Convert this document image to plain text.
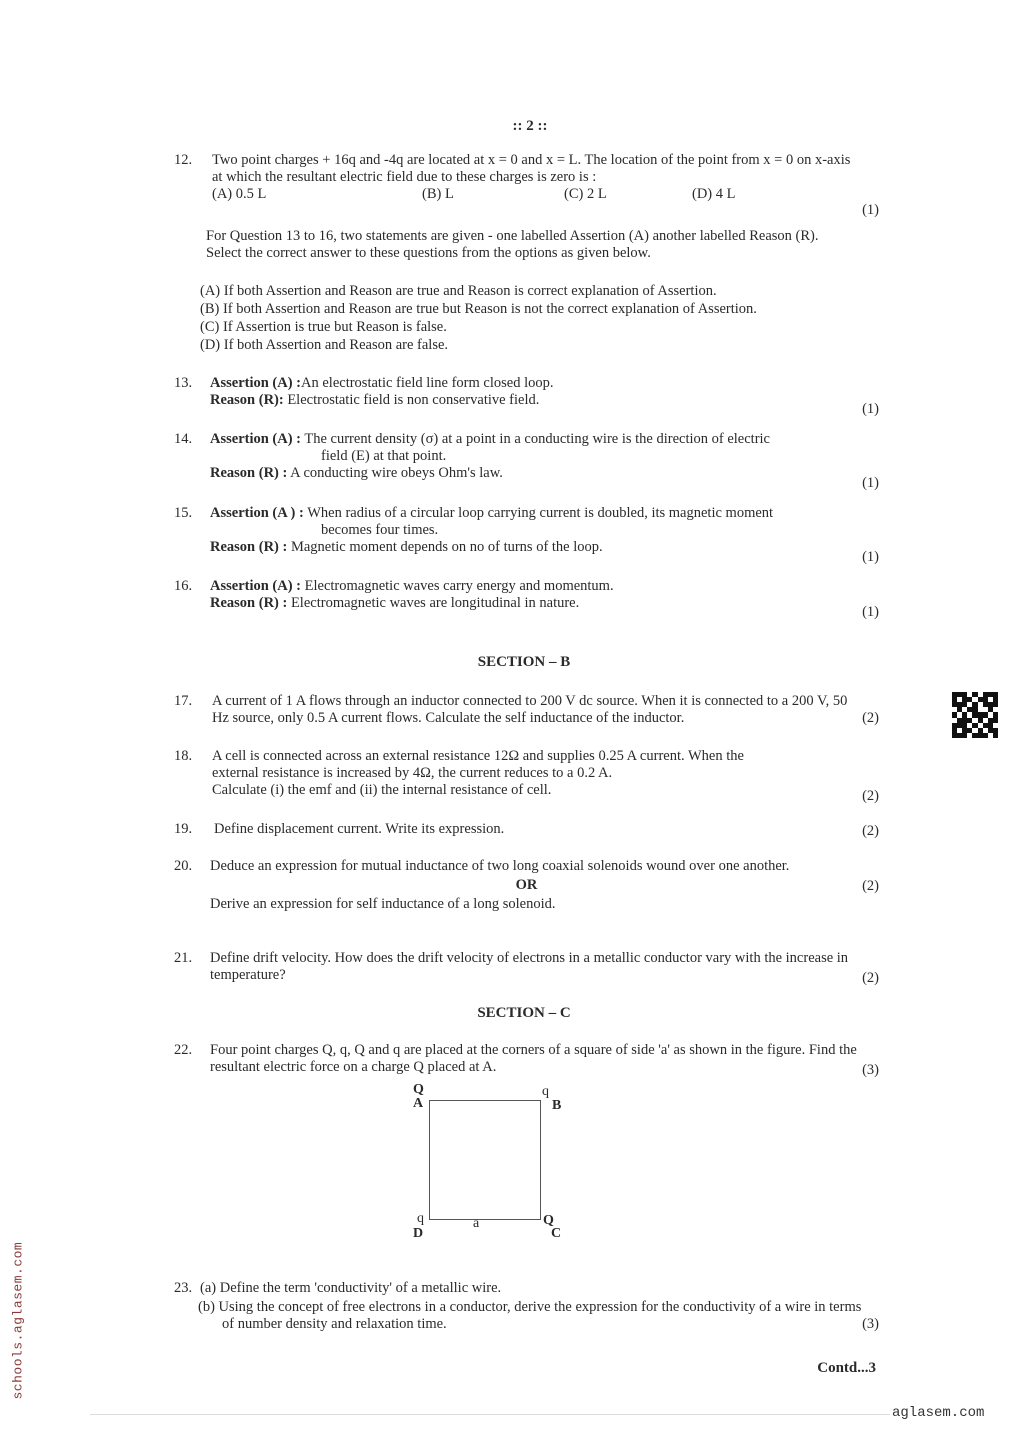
:: 2 ::
12. Two point charges + 16q and -4q are located at x = 0 and x = L. The location of the point from x = 0 on x-axis at which the resultant electric field due to these charges is zero is :
(A) 0.5 L	(B) L	(C) 2 L	(D) 4 L
(1)
For Question 13 to 16, two statements are given - one labelled Assertion (A) another labelled Reason (R). Select the correct answer to these questions from the options as given below.
(A) If both Assertion and Reason are true and Reason is correct explanation of Assertion.
(B) If both Assertion and Reason are true but Reason is not the correct explanation of Assertion.
(C) If Assertion is true but Reason is false.
(D) If both Assertion and Reason are false.
13. Assertion (A) :An electrostatic field line form closed loop.
Reason (R): Electrostatic field is non conservative field.
(1)
14. Assertion (A) : The current density (σ) at a point in a conducting wire is the direction of electric
field (E) at that point.
Reason (R) : A conducting wire obeys Ohm's law.
(1)
15. Assertion (A ) : When radius of a circular loop carrying current is doubled, its magnetic moment
becomes four times.
Reason (R) : Magnetic moment depends on no of turns of the loop.
(1)
16. Assertion (A) : Electromagnetic waves carry energy and momentum.
Reason (R) : Electromagnetic waves are longitudinal in nature.
(1)
SECTION – B
17. A current of 1 A flows through an inductor connected to 200 V dc source. When it is connected to a 200 V, 50 Hz source, only 0.5 A current flows. Calculate the self inductance of the inductor.	(2)
18. A cell is connected across an external resistance 12Ω and supplies 0.25 A current. When the
external resistance is increased by 4Ω, the current reduces to a 0.2 A.
Calculate (i) the emf and (ii) the internal resistance of cell.	(2)
19. Define displacement current. Write its expression.	(2)
20. Deduce an expression for mutual inductance of two long coaxial solenoids wound over one another.
OR
Derive an expression for self inductance of a long solenoid.
(2)
21. Define drift velocity. How does the drift velocity of electrons in a metallic conductor vary with the increase in temperature?	(2)
SECTION – C
22. Four point charges Q, q, Q and q are placed at the corners of a square of side 'a' as shown in the figure. Find the resultant electric force on a charge Q placed at A.	(3)
Q
A
q
B
q
D
a	Q
C
23. (a) Define the term 'conductivity' of a metallic wire.
(b) Using the concept of free electrons in a conductor, derive the expression for the conductivity of a wire in terms of number density and relaxation time.	(3)
Contd...3
schools.aglasem.com
aglasem.com
